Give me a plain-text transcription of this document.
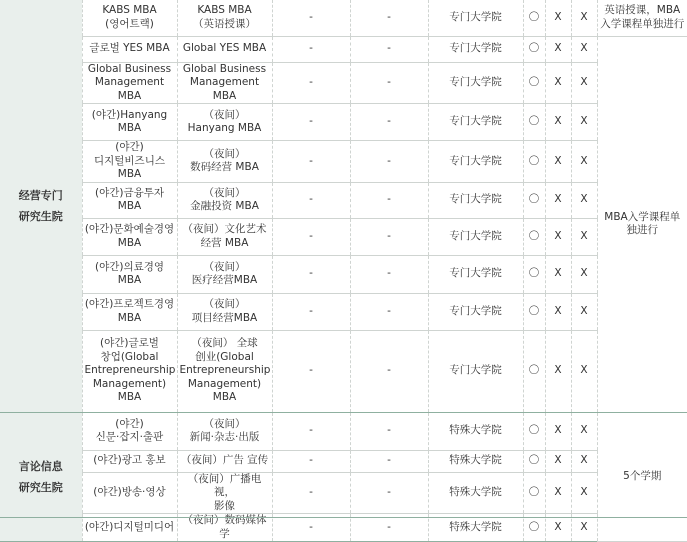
经营专门
研究生院	KABS MBA
(영어트랙)	KABS MBA
（英语授课）	-	-	专门大学院	〇	X	X	英语授课，MBA
入学课程单独进行

	글로벌 YES MBA	Global YES MBA	-	-	专门大学院	〇	X	X	MBA入学课程单
独进行

	Global Business
Management MBA	Global Business
Management MBA	-	-	专门大学院	〇	X	X	

	(야간)Hanyang
MBA	（夜间）
Hanyang MBA	-	-	专门大学院	〇	X	X	

	(야간)
디지털비즈니스 MBA	（夜间）
数码经营 MBA	-	-	专门大学院	〇	X	X	

	(야간)금융투자
MBA	（夜间）
金融投资 MBA	-	-	专门大学院	〇	X	X	

	(야간)문화예술경영
MBA	（夜间）文化艺术
经营 MBA	-	-	专门大学院	〇	X	X	

	(야간)의료경영
MBA	（夜间）
医疗经营MBA	-	-	专门大学院	〇	X	X	

	(야간)프로젝트경영
MBA	（夜间）
项目经营MBA	-	-	专门大学院	〇	X	X	

	(야간)글로벌
창업(Global
Entrepreneurship
Management)
MBA	（夜间） 全球
创业(Global
Entrepreneurship
Management)
MBA	-	-	专门大学院	〇	X	X	

言论信息
研究生院	(야간)
신문·잡지·출판	（夜间）
新闻·杂志·出版	-	-	特殊大学院	〇	X	X	5个学期

	(야간)광고 홍보	（夜间）广告 宣传	-	-	特殊大学院	〇	X	X	

	(야간)방송·영상	（夜间）广播电视，
影像	-	-	特殊大学院	〇	X	X	

	(야간)디지털미디어	（夜间）数码媒体学	-	-	特殊大学院	〇	X	X	
